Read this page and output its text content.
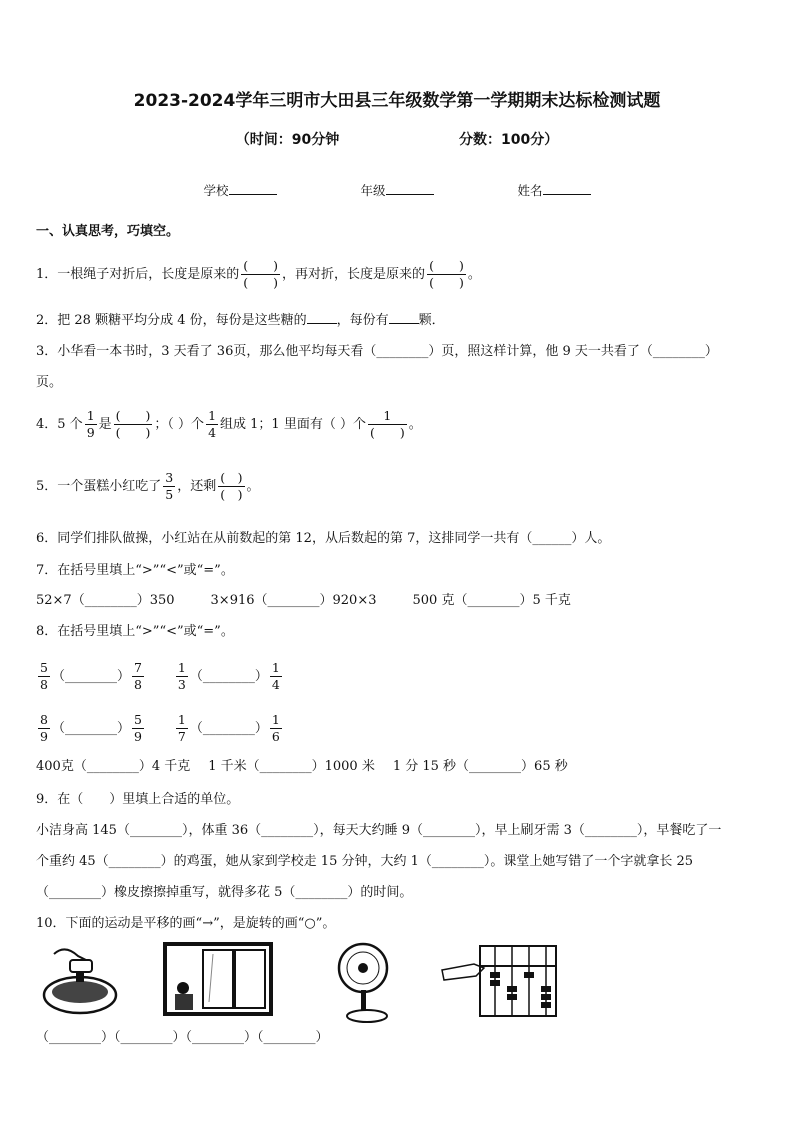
2023-2024学年三明市大田县三年级数学第一学期期末达标检测试题
（时间：90分钟	分数：100分）
学校	年级	姓名
一、认真思考，巧填空。
1．一根绳子对折后，长度是原来的 $\frac{( )}{( )}$ ，再对折，长度是原来的 $\frac{( )}{( )}$ 。
2．把 28 颗糖平均分成 4 份，每份是这些糖的 ，每份有 颗．
3．小华看一本书时，3 天看了 36页，那么他平均每天看（________）页，照这样计算，他 9 天一共看了（________）
页。
4．5 个 $\frac{1}{9}$ 是 $\frac{( )}{( )}$ ；（ ）个 $\frac{1}{4}$ 组成 1；1 里面有（ ）个 $\frac{1}{( )}$ 。
5．一个蛋糕小红吃了 $\frac{3}{5}$ ，还剩 $\frac{( )}{( )}$ 。
6．同学们排队做操，小红站在从前数起的第 12，从后数起的第 7，这排同学一共有（______）人。
7．在括号里填上“>”“<”或“=”。
52×7（________）350	3×916（________）920×3	500 克（________）5 千克
8．在括号里填上“>”“<”或“=”。
$\frac{5}{8}$ （________） $\frac{7}{8}$	$\frac{1}{3}$ （________） $\frac{1}{4}$
$\frac{8}{9}$ （________） $\frac{5}{9}$	$\frac{1}{7}$ （________） $\frac{1}{6}$
400克（________）4 千克 1 千米（________）1000 米 1 分 15 秒（________）65 秒
9．在（　　）里填上合适的单位。
小洁身高 145（________），体重 36（________），每天大约睡 9（________），早上刷牙需 3（________），早餐吃了一
个重约 45（________）的鸡蛋，她从家到学校走 15 分钟，大约 1（________）。课堂上她写错了一个字就拿长 25
（________）橡皮擦擦掉重写，就得多花 5（________）的时间。
10．下面的运动是平移的画“→”，是旋转的画“○”。
（________）（________）（________）（________）
